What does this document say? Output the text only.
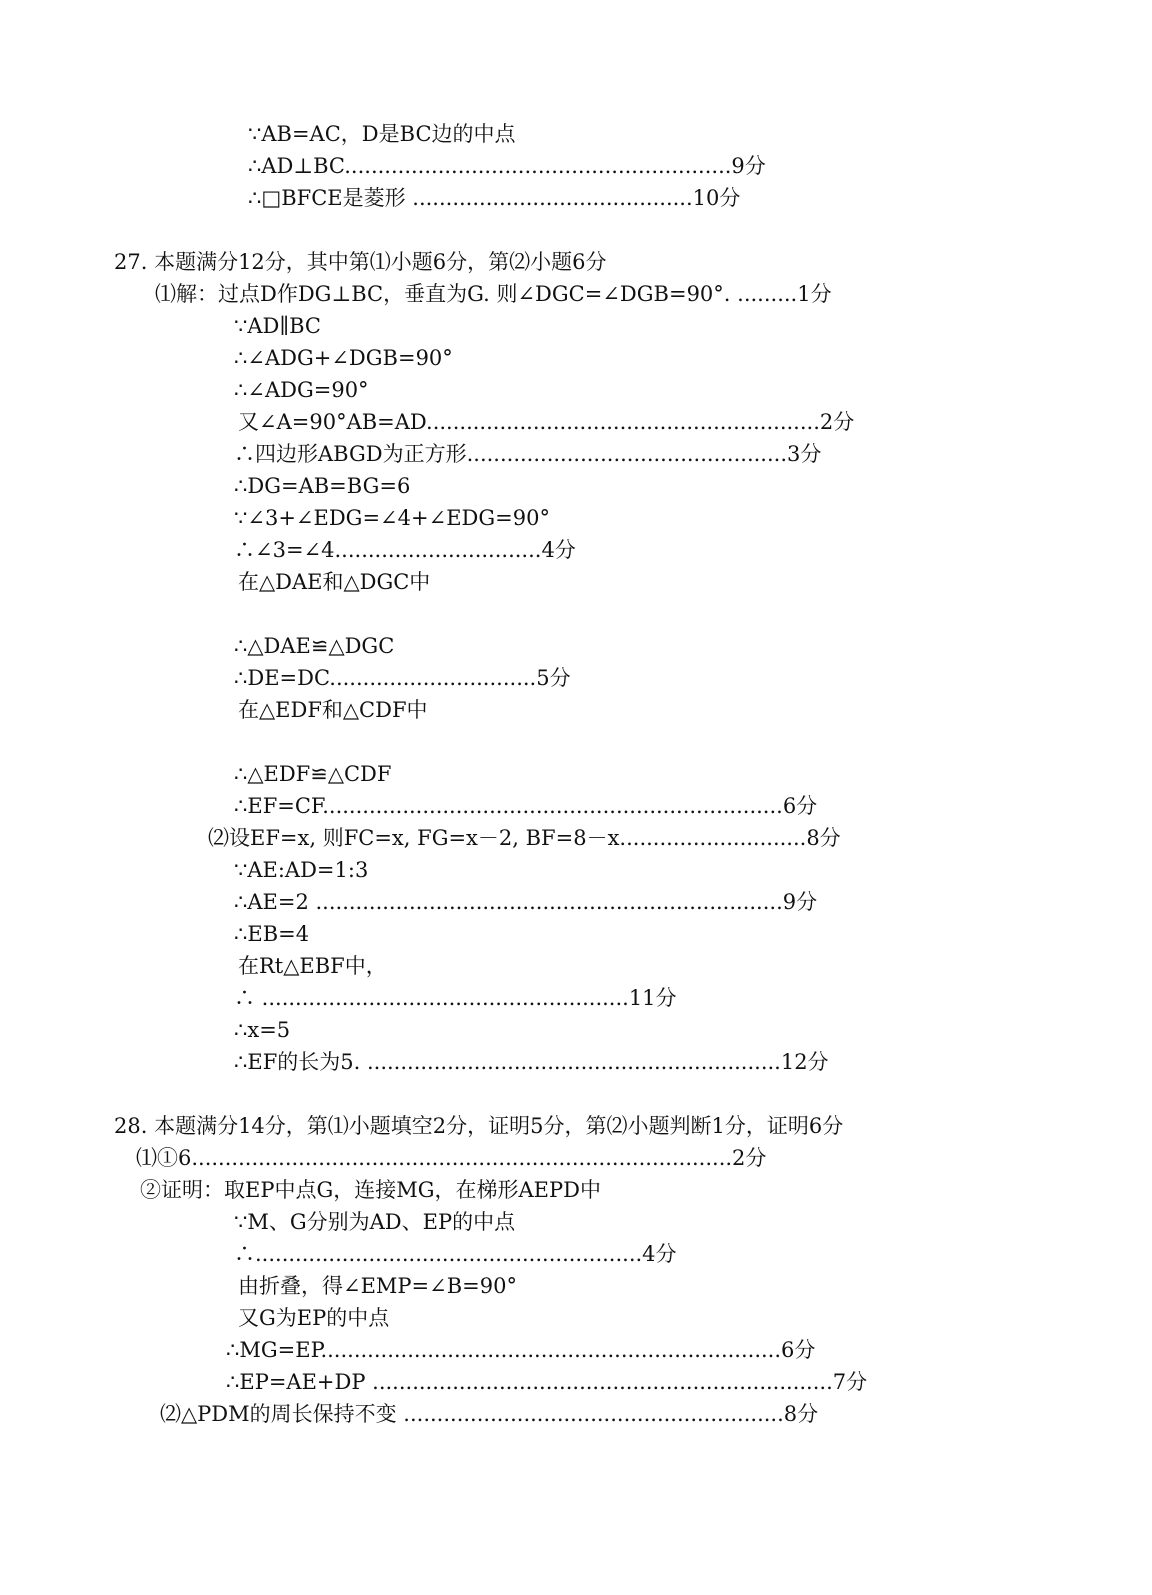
∵AB=AC，D是BC边的中点
∴AD⊥BC..........................................................9分
∴□BFCE是菱形 ..........................................10分
27. 本题满分12分，其中第⑴小题6分，第⑵小题6分
⑴解：过点D作DG⊥BC，垂直为G. 则∠DGC=∠DGB=90°. .........1分
∵AD∥BC
∴∠ADG+∠DGB=90°
∴∠ADG=90°
又∠A=90°AB=AD...........................................................2分
∴四边形ABGD为正方形................................................3分
∴DG=AB=BG=6
∵∠3+∠EDG=∠4+∠EDG=90°
∴∠3=∠4...............................4分
在△DAE和△DGC中
∴△DAE≌△DGC
∴DE=DC...............................5分
在△EDF和△CDF中
∴△EDF≌△CDF
∴EF=CF.....................................................................6分
⑵设EF=x, 则FC=x, FG=x－2, BF=8－x............................8分
∵AE:AD=1:3
∴AE=2 ......................................................................9分
∴EB=4
在Rt△EBF中，
∴ .......................................................11分
∴x=5
∴EF的长为5. ..............................................................12分
28. 本题满分14分，第⑴小题填空2分，证明5分，第⑵小题判断1分，证明6分
⑴①6.................................................................................2分
②证明：取EP中点G，连接MG，在梯形AEPD中
∵M、G分别为AD、EP的中点
∴..........................................................4分
由折叠，得∠EMP=∠B=90°
又G为EP的中点
∴MG=EP.....................................................................6分
∴EP=AE+DP .....................................................................7分
⑵△PDM的周长保持不变 .........................................................8分
